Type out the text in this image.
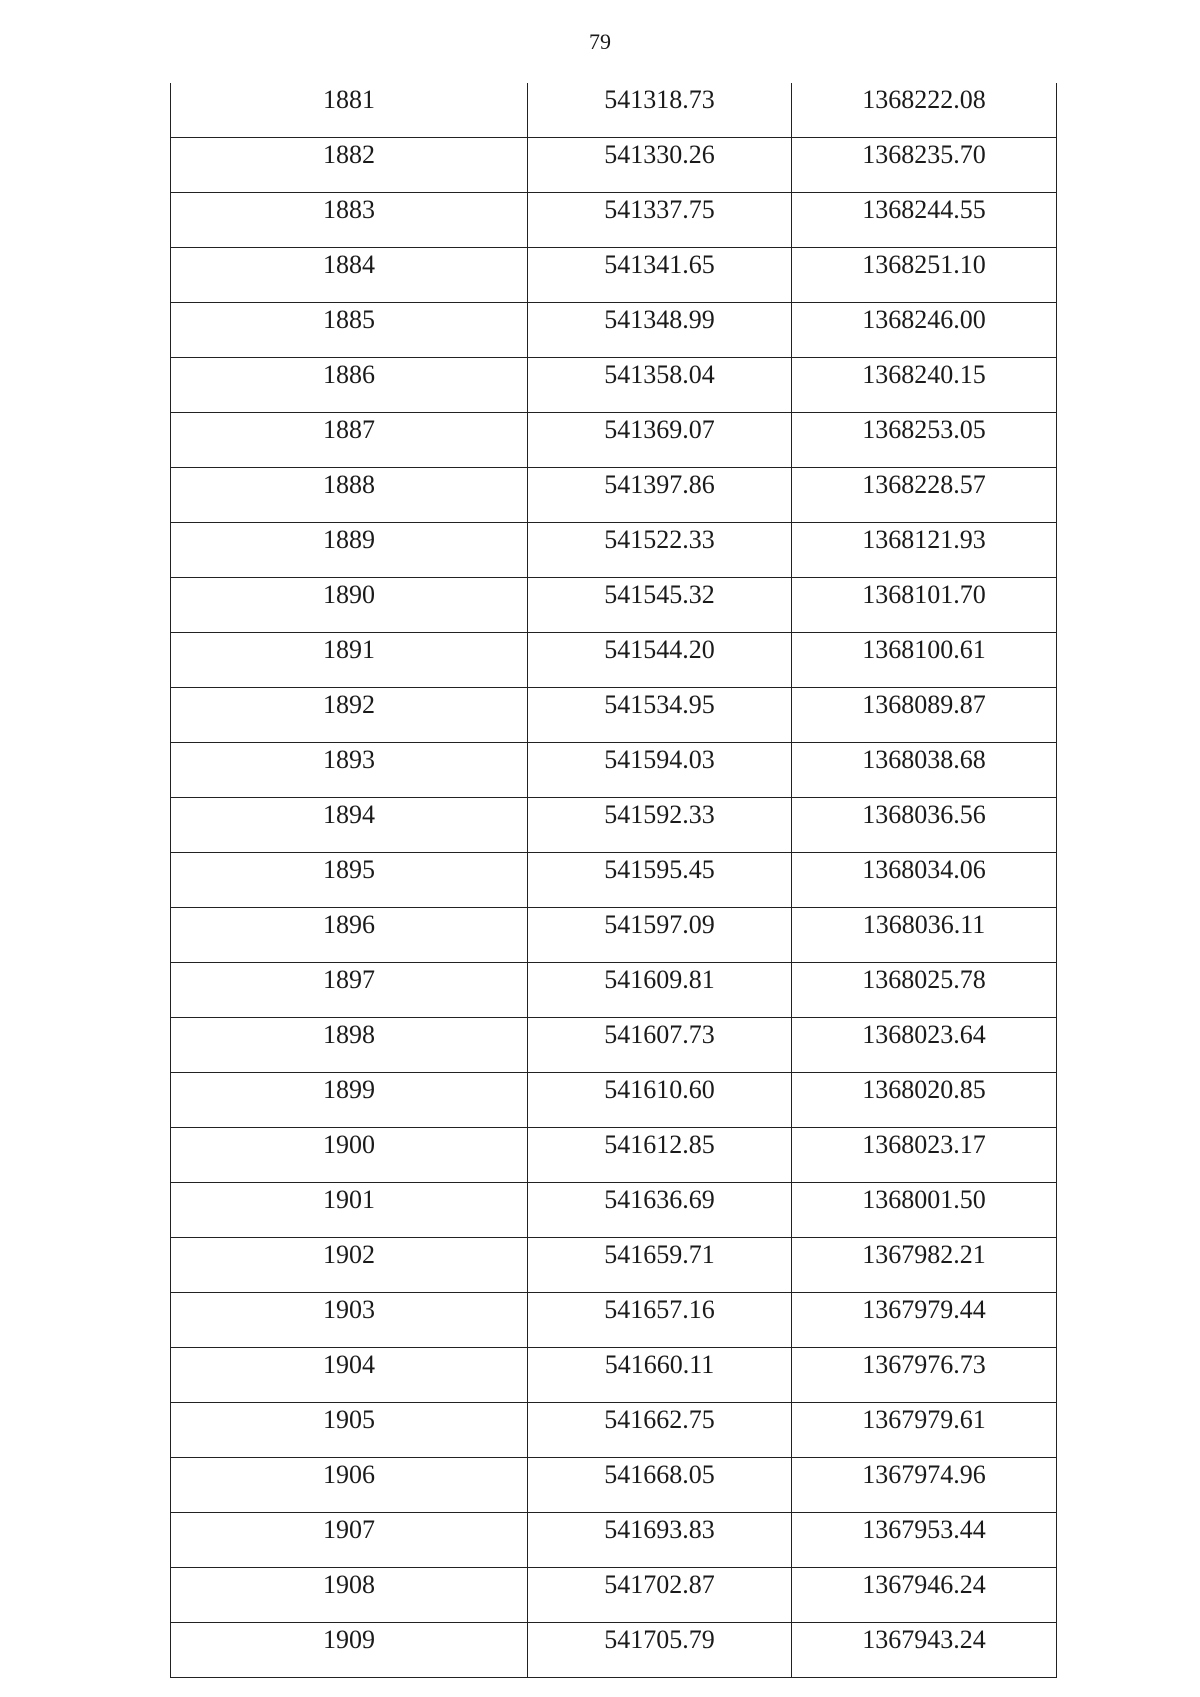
79
1881	541318.73	1368222.08
1882	541330.26	1368235.70
1883	541337.75	1368244.55
1884	541341.65	1368251.10
1885	541348.99	1368246.00
1886	541358.04	1368240.15
1887	541369.07	1368253.05
1888	541397.86	1368228.57
1889	541522.33	1368121.93
1890	541545.32	1368101.70
1891	541544.20	1368100.61
1892	541534.95	1368089.87
1893	541594.03	1368038.68
1894	541592.33	1368036.56
1895	541595.45	1368034.06
1896	541597.09	1368036.11
1897	541609.81	1368025.78
1898	541607.73	1368023.64
1899	541610.60	1368020.85
1900	541612.85	1368023.17
1901	541636.69	1368001.50
1902	541659.71	1367982.21
1903	541657.16	1367979.44
1904	541660.11	1367976.73
1905	541662.75	1367979.61
1906	541668.05	1367974.96
1907	541693.83	1367953.44
1908	541702.87	1367946.24
1909	541705.79	1367943.24
